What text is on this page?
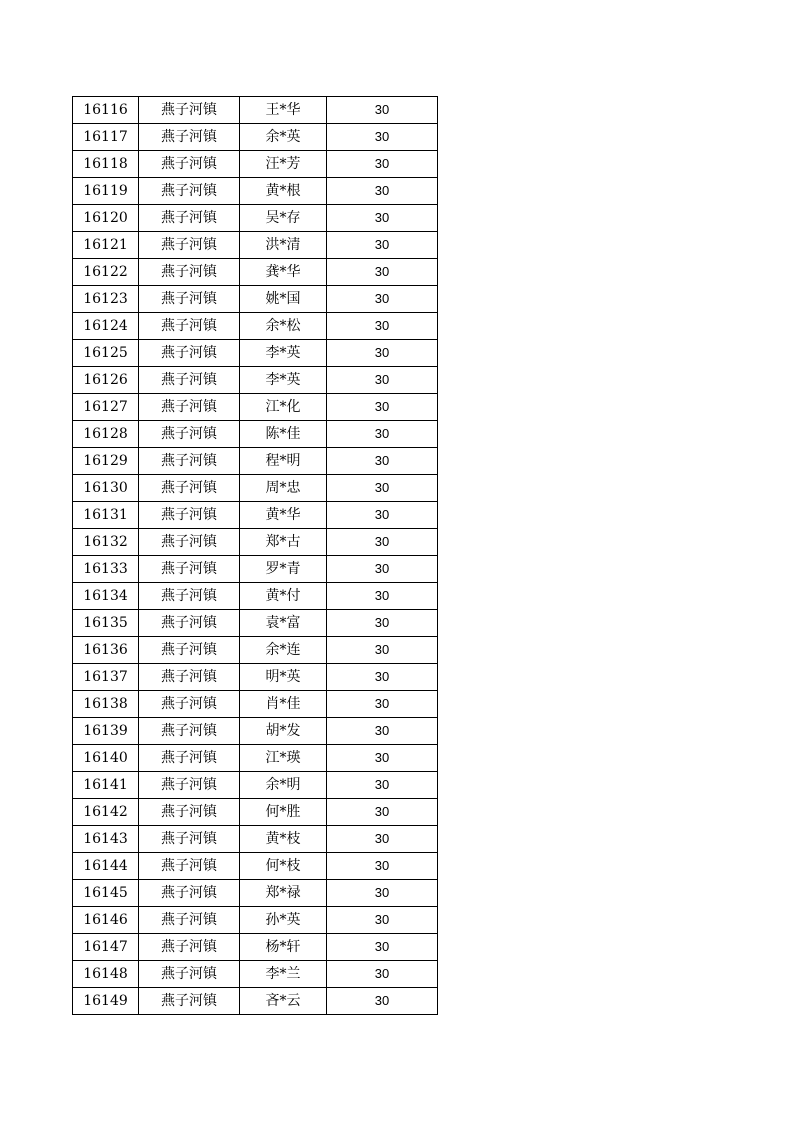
16116	燕子河镇	王*华	30
16117	燕子河镇	余*英	30
16118	燕子河镇	汪*芳	30
16119	燕子河镇	黄*根	30
16120	燕子河镇	吴*存	30
16121	燕子河镇	洪*清	30
16122	燕子河镇	龚*华	30
16123	燕子河镇	姚*国	30
16124	燕子河镇	余*松	30
16125	燕子河镇	李*英	30
16126	燕子河镇	李*英	30
16127	燕子河镇	江*化	30
16128	燕子河镇	陈*佳	30
16129	燕子河镇	程*明	30
16130	燕子河镇	周*忠	30
16131	燕子河镇	黄*华	30
16132	燕子河镇	郑*古	30
16133	燕子河镇	罗*青	30
16134	燕子河镇	黄*付	30
16135	燕子河镇	袁*富	30
16136	燕子河镇	余*连	30
16137	燕子河镇	明*英	30
16138	燕子河镇	肖*佳	30
16139	燕子河镇	胡*发	30
16140	燕子河镇	江*瑛	30
16141	燕子河镇	余*明	30
16142	燕子河镇	何*胜	30
16143	燕子河镇	黄*枝	30
16144	燕子河镇	何*枝	30
16145	燕子河镇	郑*禄	30
16146	燕子河镇	孙*英	30
16147	燕子河镇	杨*轩	30
16148	燕子河镇	李*兰	30
16149	燕子河镇	吝*云	30
